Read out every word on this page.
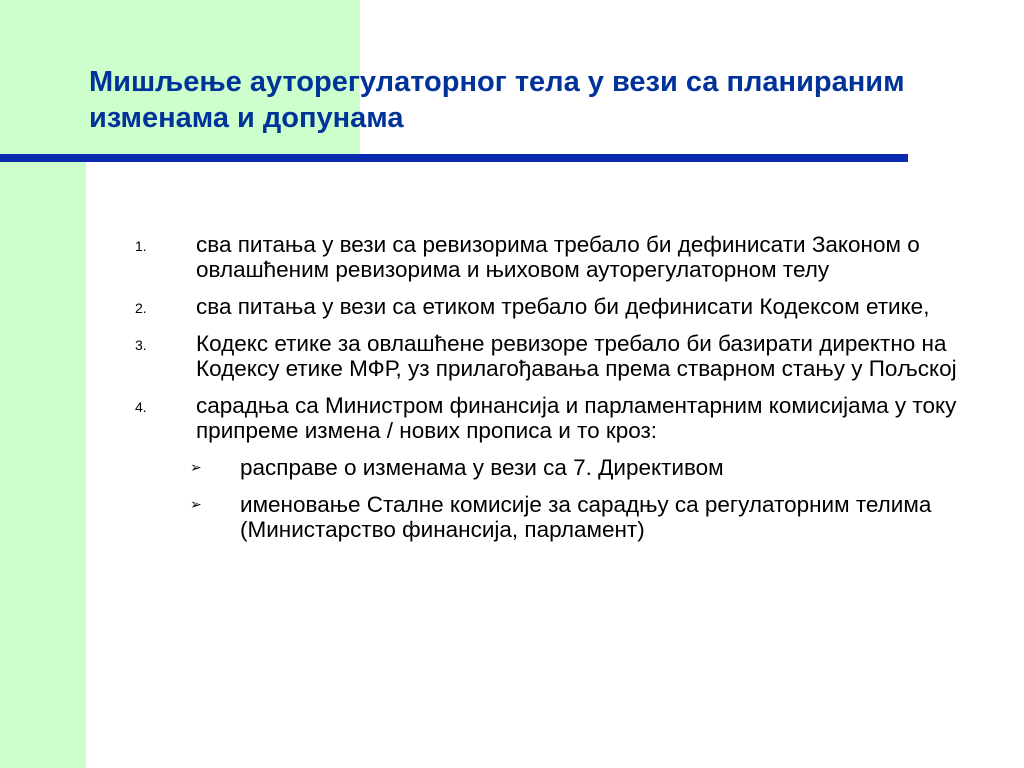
Мишљење ауторегулаторног тела у вези са планираним изменама и допунама
1. сва питања у вези са ревизорима требало би дефинисати Законом о овлашћеним ревизорима и њиховом ауторегулаторном телу
2. сва питања у вези са етиком требало би дефинисати Кодексом етике,
3. Кодекс етике за овлашћене ревизоре требало би базирати директно на Кодексу етике МФР, уз прилагођавања према стварном стању у Пољској
4. сарадња са Министром финансија и парламентарним комисијама у току припреме измена / нових прописа и то кроз:
➢ расправе о изменама у вези са 7. Директивом
➢ именовање Сталне комисије за сарадњу са регулаторним телима (Министарство финансија, парламент)
